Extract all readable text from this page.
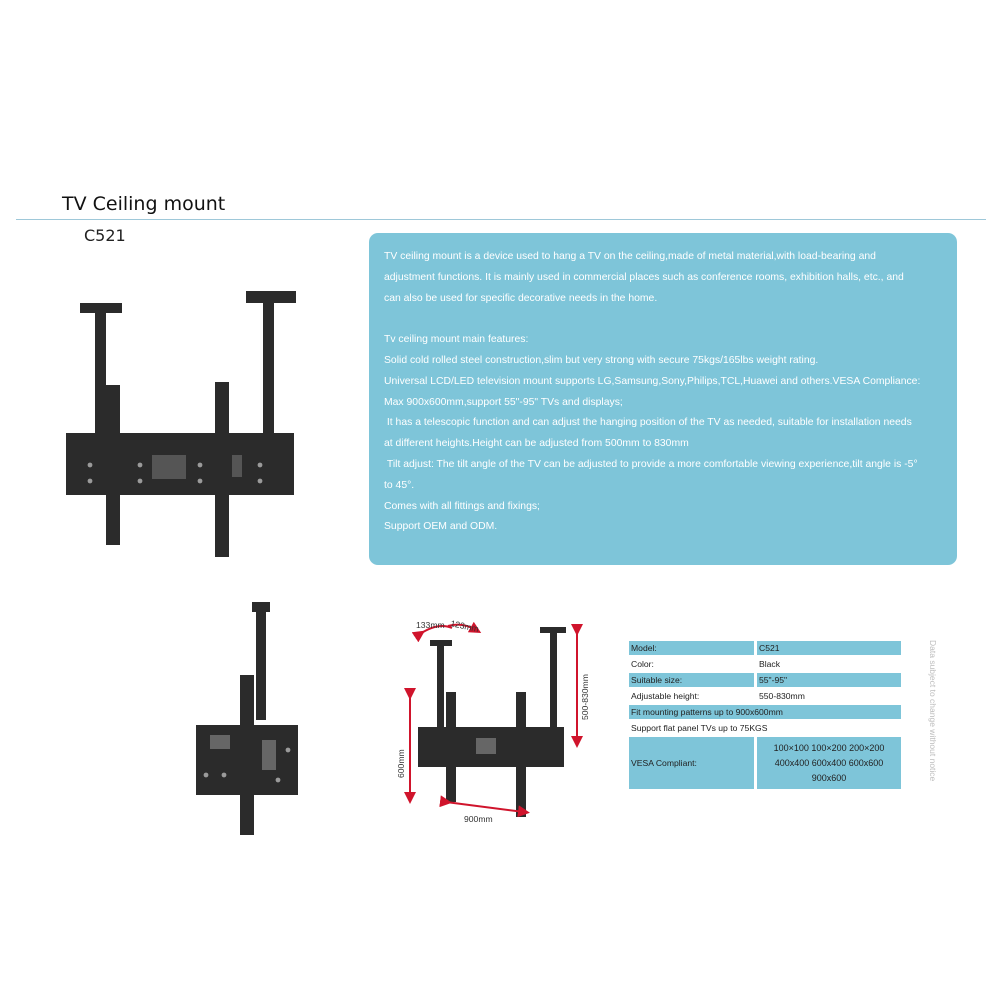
TV Ceiling mount
C521

TV ceiling mount is a device used to hang a TV on the ceiling,made of metal material,with load-bearing and

adjustment functions. It is mainly used in commercial places such as conference rooms, exhibition halls, etc., and

can also be used for specific decorative needs in the home.

Tv ceiling mount main features:

Solid cold rolled steel construction,slim but very strong with secure 75kgs/165lbs weight rating.

Universal LCD/LED television mount supports LG,Samsung,Sony,Philips,TCL,Huawei and others.VESA Compliance:

Max 900x600mm,support 55"-95" TVs and displays;

It has a telescopic function and can adjust the hanging position of the TV as needed, suitable for installation needs

at different heights.Height can be adjusted from 500mm to 830mm

Tilt adjust: The tilt angle of the TV can be adjusted to provide a more comfortable viewing experience,tilt angle is -5°

to 45°.

Comes with all fittings and fixings;

Support OEM and ODM.

133mm 123mm
500-830mm
600mm
900mm
Model:	C521
Color:	Black
Suitable size:	55"-95"
Adjustable height:	550-830mm
Fit mounting patterns up to 900x600mm	
Support flat panel TVs up to 75KGS	
VESA Compliant:	100×100 100×200 200×200
400x400 600x400 600x600
900x600	Data subject to change without notice
